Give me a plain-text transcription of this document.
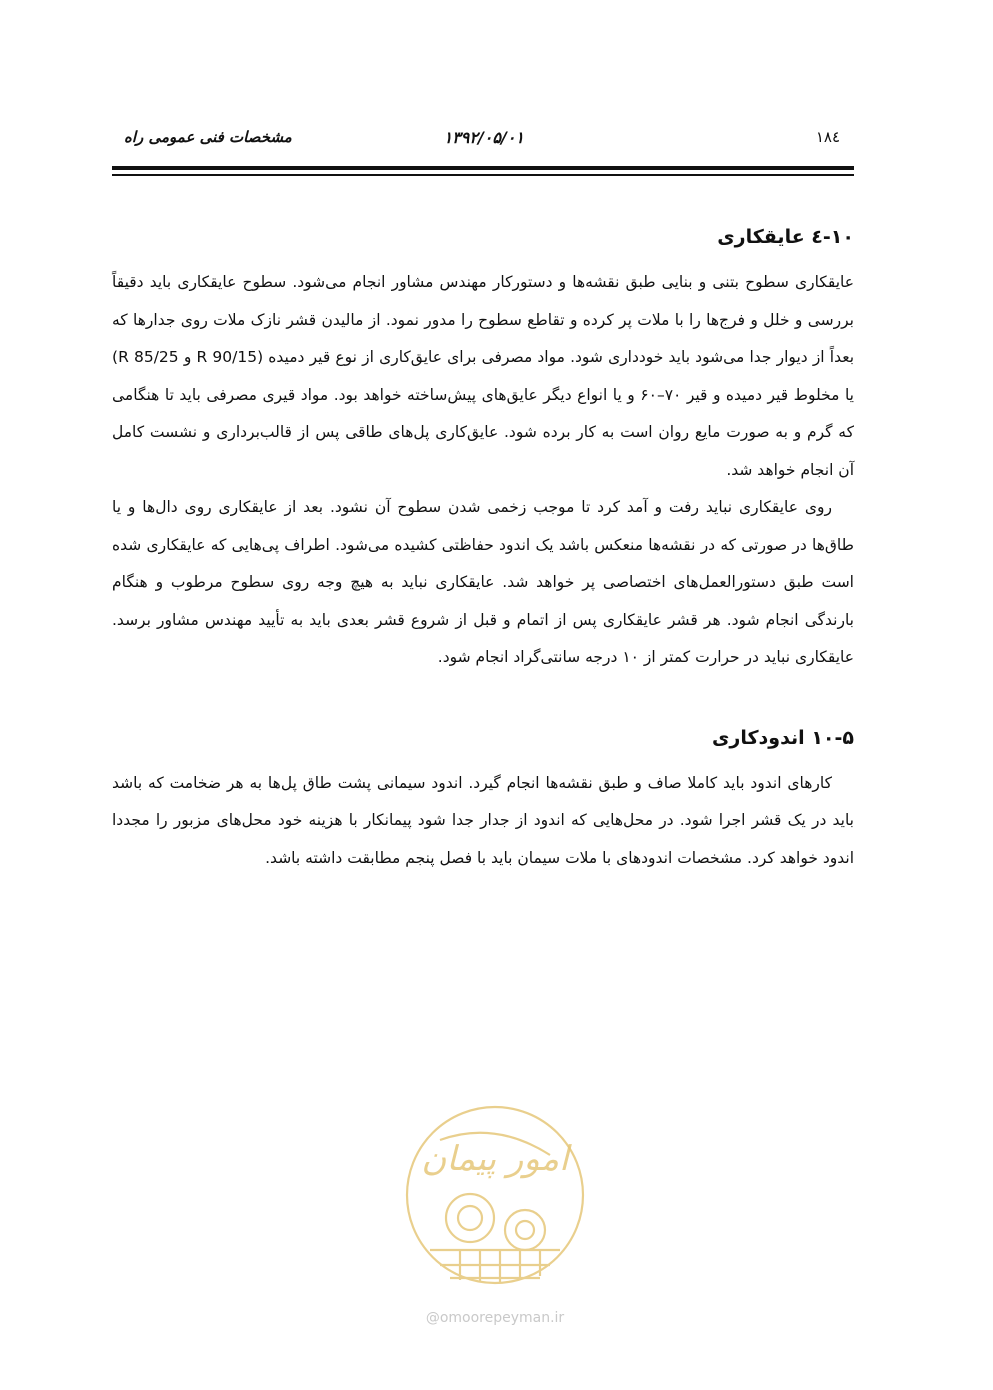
۱۸٤
۱۳۹۲/۰۵/۰۱
مشخصات فنی عمومی راه
۱۰-٤ عایقکاری

عایقکاری سطوح بتنی و بنایی طبق نقشه‌ها و دستورکار مهندس مشاور انجام می‌شود. سطوح عایقکاری باید دقیقاً بررسی و خلل و فرج‌ها را با ملات پر کرده و تقاطع سطوح را مدور نمود. از مالیدن قشر نازک ملات روی جدارها که بعداً از دیوار جدا می‌شود باید خودداری شود. مواد مصرفی برای عایق‌کاری از نوع قیر دمیده (R 90/15 و R 85/25) یا مخلوط قیر دمیده و قیر ۷۰–۶۰ و یا انواع دیگر عایق‌های پیش‌ساخته خواهد بود. مواد قیری مصرفی باید تا هنگامی که گرم و به صورت مایع روان است به کار برده شود. عایق‌کاری پل‌های طاقی پس از قالب‌برداری و نشست کامل آن انجام خواهد شد.

روی عایقکاری نباید رفت و آمد کرد تا موجب زخمی شدن سطوح آن نشود. بعد از عایقکاری روی دال‌ها و یا طاق‌ها در صورتی که در نقشه‌ها منعکس باشد یک اندود حفاظتی کشیده می‌شود. اطراف پی‌هایی که عایقکاری شده است طبق دستورالعمل‌های اختصاصی پر خواهد شد. عایقکاری نباید به هیچ وجه روی سطوح مرطوب و هنگام بارندگی انجام شود. هر قشر عایقکاری پس از اتمام و قبل از شروع قشر بعدی باید به تأیید مهندس مشاور برسد. عایقکاری نباید در حرارت کمتر از ۱۰ درجه سانتی‌گراد انجام شود.

۱۰-۵ اندودکاری

کارهای اندود باید کاملا صاف و طبق نقشه‌ها انجام گیرد. اندود سیمانی پشت طاق پل‌ها به هر ضخامت که باشد باید در یک قشر اجرا شود. در محل‌هایی که اندود از جدار جدا شود پیمانکار با هزینه خود محل‌های مزبور را مجددا اندود خواهد کرد. مشخصات اندودهای با ملات سیمان باید با فصل پنجم مطابقت داشته باشد.

امور پیمان
@omoorepeyman.ir
